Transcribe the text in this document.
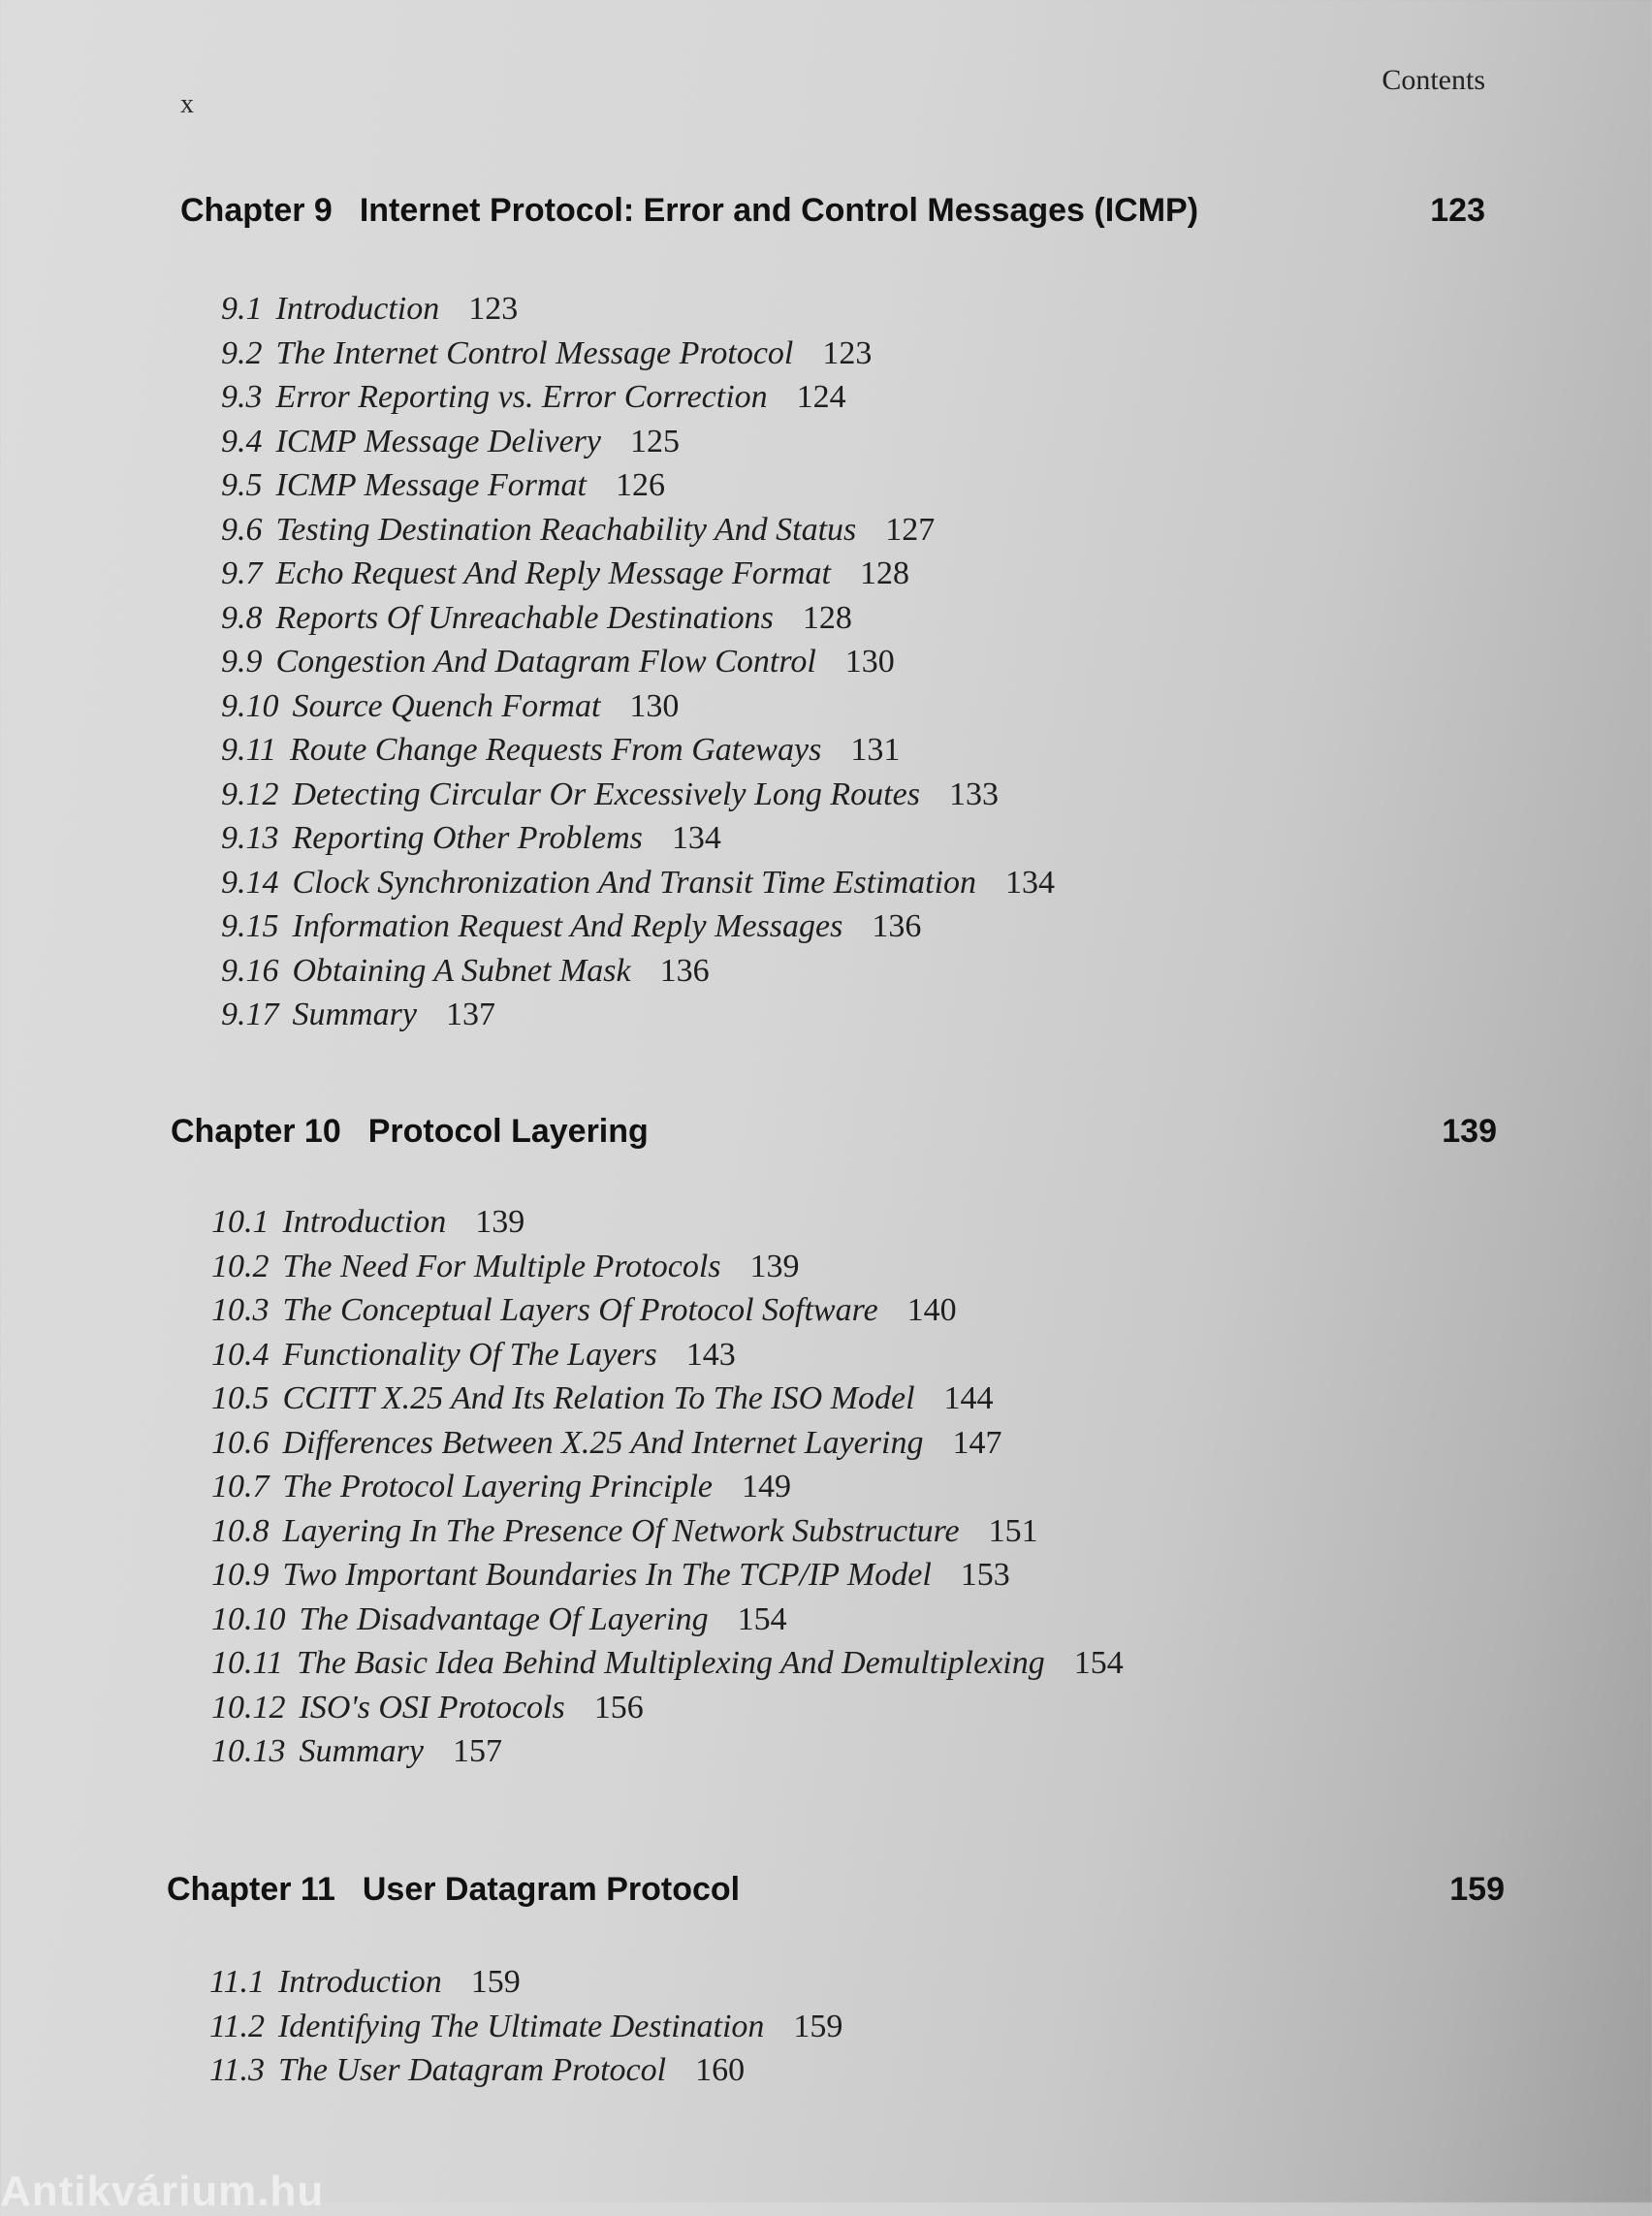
x
Contents
Chapter 9 Internet Protocol: Error and Control Messages (ICMP)	123
9.1 Introduction 123
9.2 The Internet Control Message Protocol 123
9.3 Error Reporting vs. Error Correction 124
9.4 ICMP Message Delivery 125
9.5 ICMP Message Format 126
9.6 Testing Destination Reachability And Status 127
9.7 Echo Request And Reply Message Format 128
9.8 Reports Of Unreachable Destinations 128
9.9 Congestion And Datagram Flow Control 130
9.10 Source Quench Format 130
9.11 Route Change Requests From Gateways 131
9.12 Detecting Circular Or Excessively Long Routes 133
9.13 Reporting Other Problems 134
9.14 Clock Synchronization And Transit Time Estimation 134
9.15 Information Request And Reply Messages 136
9.16 Obtaining A Subnet Mask 136
9.17 Summary 137
Chapter 10 Protocol Layering	139
10.1 Introduction 139
10.2 The Need For Multiple Protocols 139
10.3 The Conceptual Layers Of Protocol Software 140
10.4 Functionality Of The Layers 143
10.5 CCITT X.25 And Its Relation To The ISO Model 144
10.6 Differences Between X.25 And Internet Layering 147
10.7 The Protocol Layering Principle 149
10.8 Layering In The Presence Of Network Substructure 151
10.9 Two Important Boundaries In The TCP/IP Model 153
10.10 The Disadvantage Of Layering 154
10.11 The Basic Idea Behind Multiplexing And Demultiplexing 154
10.12 ISO's OSI Protocols 156
10.13 Summary 157
Chapter 11 User Datagram Protocol	159
11.1 Introduction 159
11.2 Identifying The Ultimate Destination 159
11.3 The User Datagram Protocol 160
Antikvárium.hu
